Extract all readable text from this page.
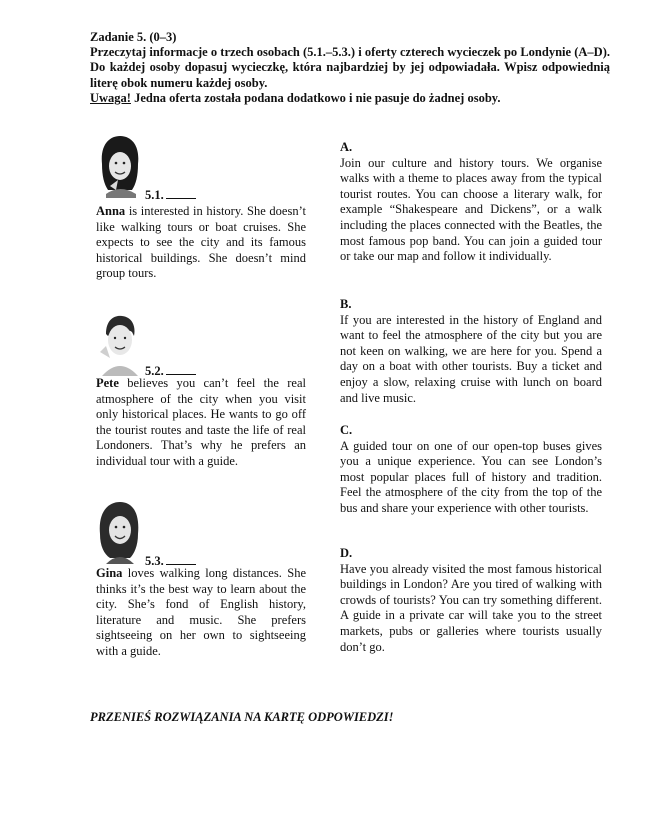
Zadanie 5. (0–3)

Przeczytaj informacje o trzech osobach (5.1.–5.3.) i oferty czterech wycieczek po Londynie (A–D). Do każdej osoby dopasuj wycieczkę, która najbardziej by jej odpowiadała. Wpisz odpowiednią literę obok numeru każdej osoby.

Uwaga! Jedna oferta została podana dodatkowo i nie pasuje do żadnej osoby.

5.1.
Anna is interested in history. She doesn’t like walking tours or boat cruises. She expects to see the city and its famous historical buildings. She doesn’t mind group tours.
5.2.
Pete believes you can’t feel the real atmosphere of the city when you visit only historical places. He wants to go off the tourist routes and taste the life of real Londoners. That’s why he prefers an individual tour with a guide.
5.3.
Gina loves walking long distances. She thinks it’s the best way to learn about the city. She’s fond of English history, literature and music. She prefers sightseeing on her own to sightseeing with a guide.
A.
Join our culture and history tours. We organise walks with a theme to places away from the typical tourist routes. You can choose a literary walk, for example “Shakespeare and Dickens”, or a walk including the places connected with the Beatles, the most famous pop band. You can join a guided tour or take our map and follow it individually.
B.
If you are interested in the history of England and want to feel the atmosphere of the city but you are not keen on walking, we are here for you. Spend a day on a boat with other tourists. Buy a ticket and enjoy a slow, relaxing cruise with lunch on board and live music.
C.
A guided tour on one of our open-top buses gives you a unique experience. You can see London’s most popular places full of history and tradition. Feel the atmosphere of the city from the top of the bus and share your experience with other tourists.
D.
Have you already visited the most famous historical buildings in London? Are you tired of walking with crowds of tourists? You can try something different. A guide in a private car will take you to the street markets, pubs or galleries where tourists usually don’t go.
PRZENIEŚ ROZWIĄZANIA NA KARTĘ ODPOWIEDZI!
